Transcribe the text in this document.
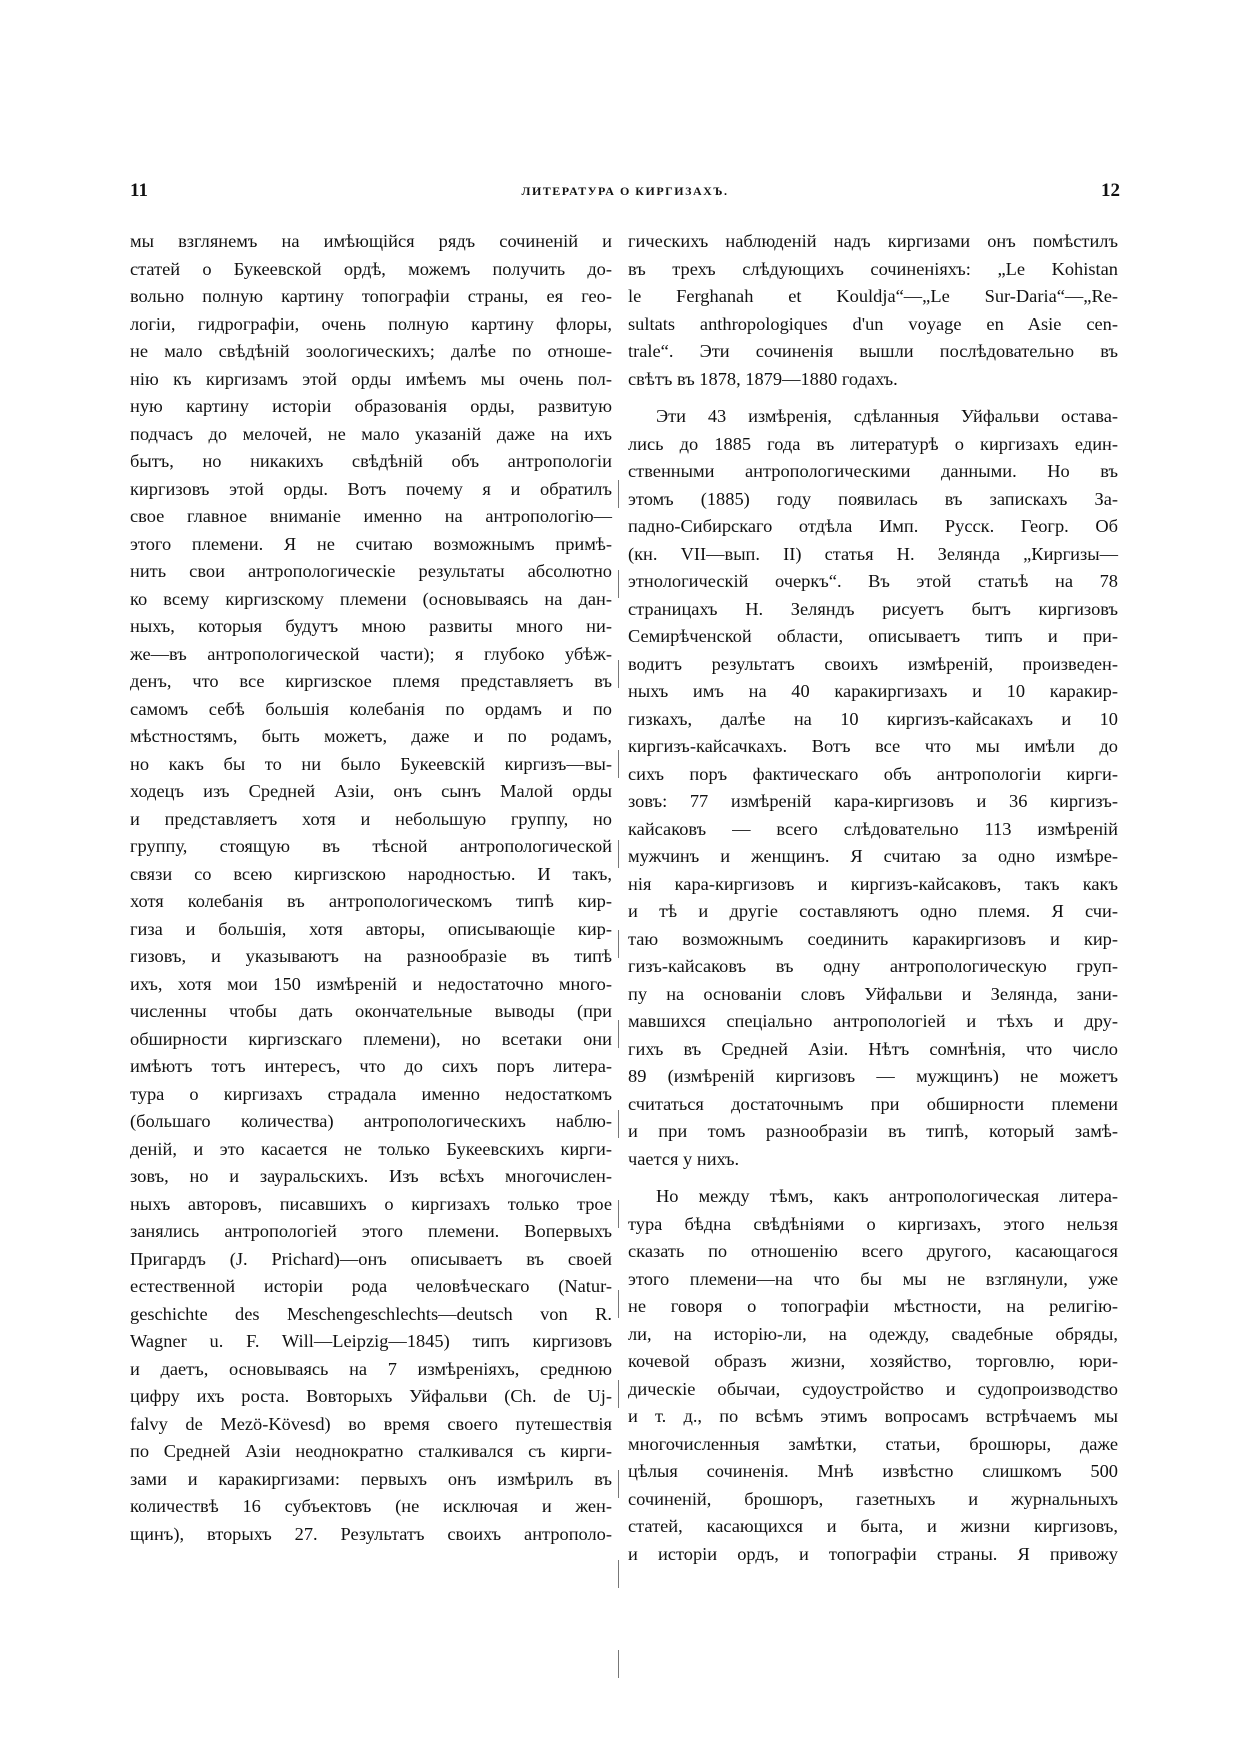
11	ЛИТЕРАТУРА О КИРГИЗАХЪ.	12
мы взглянемъ на имѣющійся рядъ сочиненій и
статей о Букеевской ордѣ, можемъ получить до-
вольно полную картину топографіи страны, ея гео-
логіи, гидрографіи, очень полную картину флоры,
не мало свѣдѣній зоологическихъ; далѣе по отноше-
нію къ киргизамъ этой орды имѣемъ мы очень пол-
ную картину исторіи образованія орды, развитую
подчасъ до мелочей, не мало указаній даже на ихъ
бытъ, но никакихъ свѣдѣній объ антропологіи
киргизовъ этой орды. Вотъ почему я и обратилъ
свое главное вниманіе именно на антропологію—
этого племени. Я не считаю возможнымъ примѣ-
нить свои антропологическіе результаты абсолютно
ко всему киргизскому племени (основываясь на дан-
ныхъ, которыя будутъ мною развиты много ни-
же—въ антропологической части); я глубоко убѣж-
денъ, что все киргизское племя представляетъ въ
самомъ себѣ большія колебанія по ордамъ и по
мѣстностямъ, быть можетъ, даже и по родамъ,
но какъ бы то ни было Букеевскій киргизъ—вы-
ходецъ изъ Средней Азіи, онъ сынъ Малой орды
и представляетъ хотя и небольшую группу, но
группу, стоящую въ тѣсной антропологической
связи со всею киргизскою народностью. И такъ,
хотя колебанія въ антропологическомъ типѣ кир-
гиза и большія, хотя авторы, описывающіе кир-
гизовъ, и указываютъ на разнообразіе въ типѣ
ихъ, хотя мои 150 измѣреній и недостаточно много-
численны чтобы дать окончательные выводы (при
обширности киргизскаго племени), но всетаки они
имѣютъ тотъ интересъ, что до сихъ поръ литера-
тура о киргизахъ страдала именно недостаткомъ
(большаго количества) антропологическихъ наблю-
деній, и это касается не только Букеевскихъ кирги-
зовъ, но и зауральскихъ. Изъ всѣхъ многочислен-
ныхъ авторовъ, писавшихъ о киргизахъ только трое
занялись антропологіей этого племени. Вопервыхъ
Пригардъ (J. Prichard)—онъ описываетъ въ своей
естественной исторіи рода человѣческаго (Natur-
geschichte des Meschengeschlechts—deutsch von R.
Wagner u. F. Will—Leipzig—1845) типъ киргизовъ
и даетъ, основываясь на 7 измѣреніяхъ, среднюю
цифру ихъ роста. Вовторыхъ Уйфальви (Ch. de Uj-
falvy de Mezö-Kövesd) во время своего путешествія
по Средней Азіи неоднократно сталкивался съ кирги-
зами и каракиргизами: первыхъ онъ измѣрилъ въ
количествѣ 16 субъектовъ (не исключая и жен-
щинъ), вторыхъ 27. Результатъ своихъ антрополо-
гическихъ наблюденій надъ киргизами онъ помѣстилъ
въ трехъ слѣдующихъ сочиненіяхъ: „Le Kohistan
le Ferghanah et Kouldja“—„Le Sur-Daria“—„Re-
sultats anthropologiques d'un voyage en Asie cen-
trale“. Эти сочиненія вышли послѣдовательно въ
свѣтъ въ 1878, 1879—1880 годахъ.
Эти 43 измѣренія, сдѣланныя Уйфальви остава-
лись до 1885 года въ литературѣ о киргизахъ един-
ственными антропологическими данными. Но въ
этомъ (1885) году появилась въ запискахъ За-
падно-Сибирскаго отдѣла Имп. Русск. Геогр. Об
(кн. VII—вып. II) статья Н. Зеляндa „Киргизы—
этнологическій очеркъ“. Въ этой статьѣ на 78
страницахъ Н. Зеляндъ рисуетъ бытъ киргизовъ
Семирѣченской области, описываетъ типъ и при-
водитъ результатъ своихъ измѣреній, произведен-
ныхъ имъ на 40 каракиргизахъ и 10 каракир-
гизкахъ, далѣе на 10 киргизъ-кайсакахъ и 10
киргизъ-кайсачкахъ. Вотъ все что мы имѣли до
сихъ поръ фактическаго объ антропологіи кирги-
зовъ: 77 измѣреній кара-киргизовъ и 36 киргизъ-
кайсаковъ — всего слѣдовательно 113 измѣреній
мужчинъ и женщинъ. Я считаю за одно измѣре-
нія кара-киргизовъ и киргизъ-кайсаковъ, такъ какъ
и тѣ и другіе составляютъ одно племя. Я счи-
таю возможнымъ соединить каракиргизовъ и кир-
гизъ-кайсаковъ въ одну антропологическую груп-
пу на основаніи словъ Уйфальви и Зеляндa, зани-
мавшихся спеціально антропологіей и тѣхъ и дру-
гихъ въ Средней Азіи. Нѣтъ сомнѣнія, что число
89 (измѣреній киргизовъ — мужщинъ) не можетъ
считаться достаточнымъ при обширности племени
и при томъ разнообразіи въ типѣ, который замѣ-
чается у нихъ.
Но между тѣмъ, какъ антропологическая литера-
тура бѣдна свѣдѣніями о киргизахъ, этого нельзя
сказать по отношенію всего другого, касающагося
этого племени—на что бы мы не взглянули, уже
не говоря о топографіи мѣстности, на религію-
ли, на исторію-ли, на одежду, свадебные обряды,
кочевой образъ жизни, хозяйство, торговлю, юри-
дическіе обычаи, судоустройство и судопроизводство
и т. д., по всѣмъ этимъ вопросамъ встрѣчаемъ мы
многочисленныя замѣтки, статьи, брошюры, даже
цѣлыя сочиненія. Мнѣ извѣстно слишкомъ 500
сочиненій, брошюръ, газетныхъ и журнальныхъ
статей, касающихся и быта, и жизни киргизовъ,
и исторіи ордъ, и топографіи страны. Я привожу
